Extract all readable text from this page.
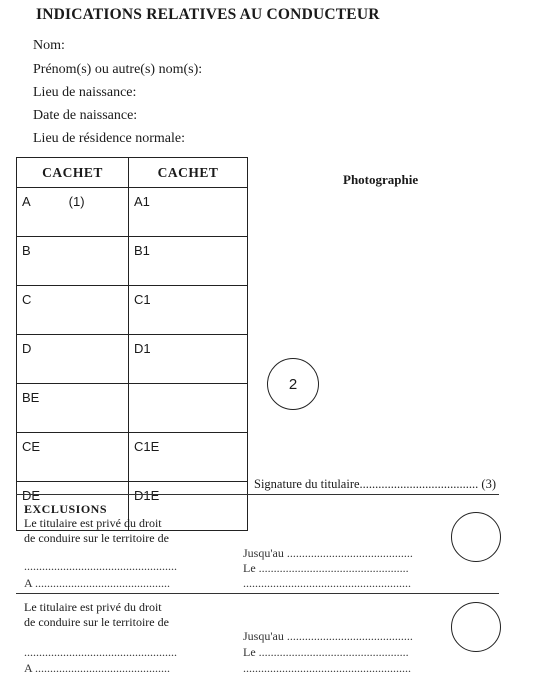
INDICATIONS RELATIVES AU CONDUCTEUR
Nom:
Prénom(s) ou autre(s) nom(s):
Lieu de naissance:
Date de naissance:
Lieu de résidence normale:
CACHET	CACHET
A (1)	A1
B	B1
C	C1
D	D1
BE	
CE	C1E
DE	D1E
Photographie
2
Signature du titulaire...................................... (3)
EXCLUSIONS
Le titulaire est privé du droit
de conduire sur le territoire de
...................................................
A .............................................
Jusqu'au ..........................................
Le ..................................................
........................................................
Le titulaire est privé du droit
de conduire sur le territoire de
...................................................
A .............................................
Jusqu'au ..........................................
Le ..................................................
........................................................
